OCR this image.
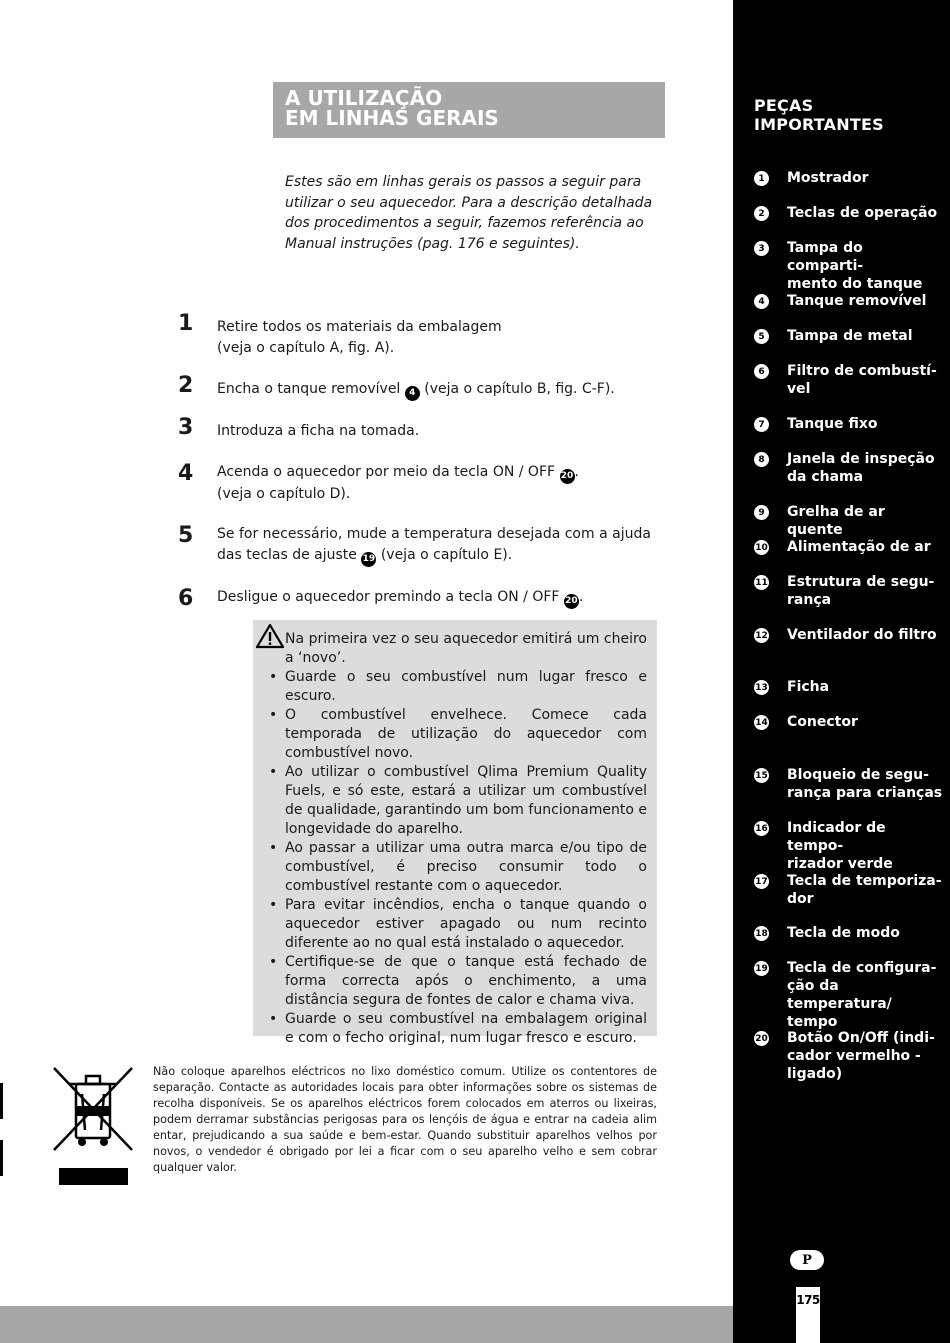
A UTILIZAÇÃO
EM LINHAS GERAIS
Estes são em linhas gerais os passos a seguir para utilizar o seu aquecedor. Para a descrição detalhada dos procedimentos a seguir, fazemos referência ao Manual instruções (pag. 176 e seguintes).
1 Retire todos os materiais da embalagem
(veja o capítulo A, fig. A).
2 Encha o tanque removível 4 (veja o capítulo B, fig. C-F).
3 Introduza a ficha na tomada.
4 Acenda o aquecedor por meio da tecla ON / OFF 20.
(veja o capítulo D).
5 Se for necessário, mude a temperatura desejada com a ajuda das teclas de ajuste 19 (veja o capítulo E).
6 Desligue o aquecedor premindo a tecla ON / OFF 20.
Na primeira vez o seu aquecedor emitirá um cheiro a ‘novo’.
• Guarde o seu combustível num lugar fresco e escuro.
• O combustível envelhece. Comece cada temporada de utilização do aquecedor com combustível novo.
• Ao utilizar o combustível Qlima Premium Quality Fuels, e só este, estará a utilizar um combustível de qualidade, garantindo um bom funcionamento e longevidade do aparelho.
• Ao passar a utilizar uma outra marca e/ou tipo de combustível, é preciso consumir todo o combustível restante com o aquecedor.
• Para evitar incêndios, encha o tanque quando o aquecedor estiver apagado ou num recinto diferente ao no qual está instalado o aquecedor.
• Certifique-se de que o tanque está fechado de forma correcta após o enchimento, a uma distância segura de fontes de calor e chama viva.
• Guarde o seu combustível na embalagem original e com o fecho original, num lugar fresco e escuro.
Não coloque aparelhos eléctricos no lixo doméstico comum. Utilize os contentores de separação. Contacte as autoridades locais para obter informações sobre os sistemas de recolha disponíveis. Se os aparelhos eléctricos forem colocados em aterros ou lixeiras, podem derramar substâncias perigosas para os lençóis de água e entrar na cadeia alim entar, prejudicando a sua saúde e bem-estar. Quando substituir aparelhos velhos por novos, o vendedor é obrigado por lei a ficar com o seu aparelho velho e sem cobrar qualquer valor.
PEÇAS IMPORTANTES
1	Mostrador
2	Teclas de operação
3	Tampa do comparti-
mento do tanque
4	Tanque removível
5	Tampa de metal
6	Filtro de combustí-
vel
7	Tanque fixo
8	Janela de inspeção
da chama
9	Grelha de ar quente
10 Alimentação de ar
11 Estrutura de segu-
rança
12 Ventilador do filtro
13 Ficha
14 Conector
15 Bloqueio de segu-
rança para crianças
16 Indicador de tempo-
rizador verde
17 Tecla de temporiza-
dor
18 Tecla de modo
19 Tecla de configura-
ção da temperatura/
tempo
20 Botão On/Off (indi-
cador vermelho -
ligado)
P
175
